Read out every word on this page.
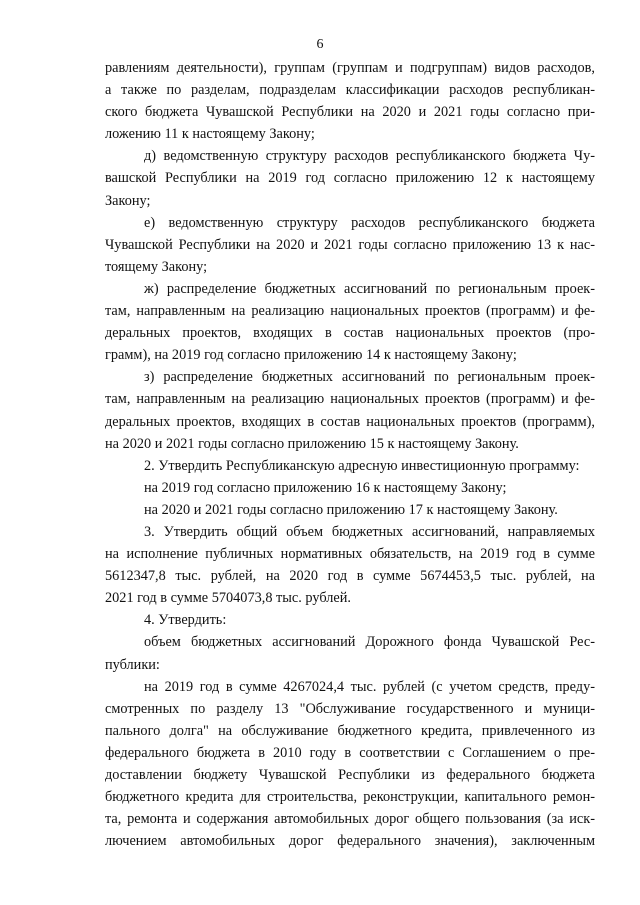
6
равлениям деятельности), группам (группам и подгруппам) видов расходов,
а также по разделам, подразделам классификации расходов республикан-
ского бюджета Чувашской Республики на 2020 и 2021 годы согласно при-
ложению 11 к настоящему Закону;
д) ведомственную структуру расходов республиканского бюджета Чу-
вашской Республики на 2019 год согласно приложению 12 к настоящему
Закону;
е) ведомственную структуру расходов республиканского бюджета
Чувашской Республики на 2020 и 2021 годы согласно приложению 13 к нас-
тоящему Закону;
ж) распределение бюджетных ассигнований по региональным проек-
там, направленным на реализацию национальных проектов (программ) и фе-
деральных проектов, входящих в состав национальных проектов (про-
грамм), на 2019 год согласно приложению 14 к настоящему Закону;
з) распределение бюджетных ассигнований по региональным проек-
там, направленным на реализацию национальных проектов (программ) и фе-
деральных проектов, входящих в состав национальных проектов (программ),
на 2020 и 2021 годы согласно приложению 15 к настоящему Закону.
2. Утвердить Республиканскую адресную инвестиционную программу:
на 2019 год согласно приложению 16 к настоящему Закону;
на 2020 и 2021 годы согласно приложению 17 к настоящему Закону.
3. Утвердить общий объем бюджетных ассигнований, направляемых
на исполнение публичных нормативных обязательств, на 2019 год в сумме
5612347,8 тыс. рублей, на 2020 год в сумме 5674453,5 тыс. рублей, на
2021 год в сумме 5704073,8 тыс. рублей.
4. Утвердить:
объем бюджетных ассигнований Дорожного фонда Чувашской Рес-
публики:
на 2019 год в сумме 4267024,4 тыс. рублей (с учетом средств, преду-
смотренных по разделу 13 "Обслуживание государственного и муници-
пального долга" на обслуживание бюджетного кредита, привлеченного из
федерального бюджета в 2010 году в соответствии с Соглашением о пре-
доставлении бюджету Чувашской Республики из федерального бюджета
бюджетного кредита для строительства, реконструкции, капитального ремон-
та, ремонта и содержания автомобильных дорог общего пользования (за иск-
лючением автомобильных дорог федерального значения), заключенным
